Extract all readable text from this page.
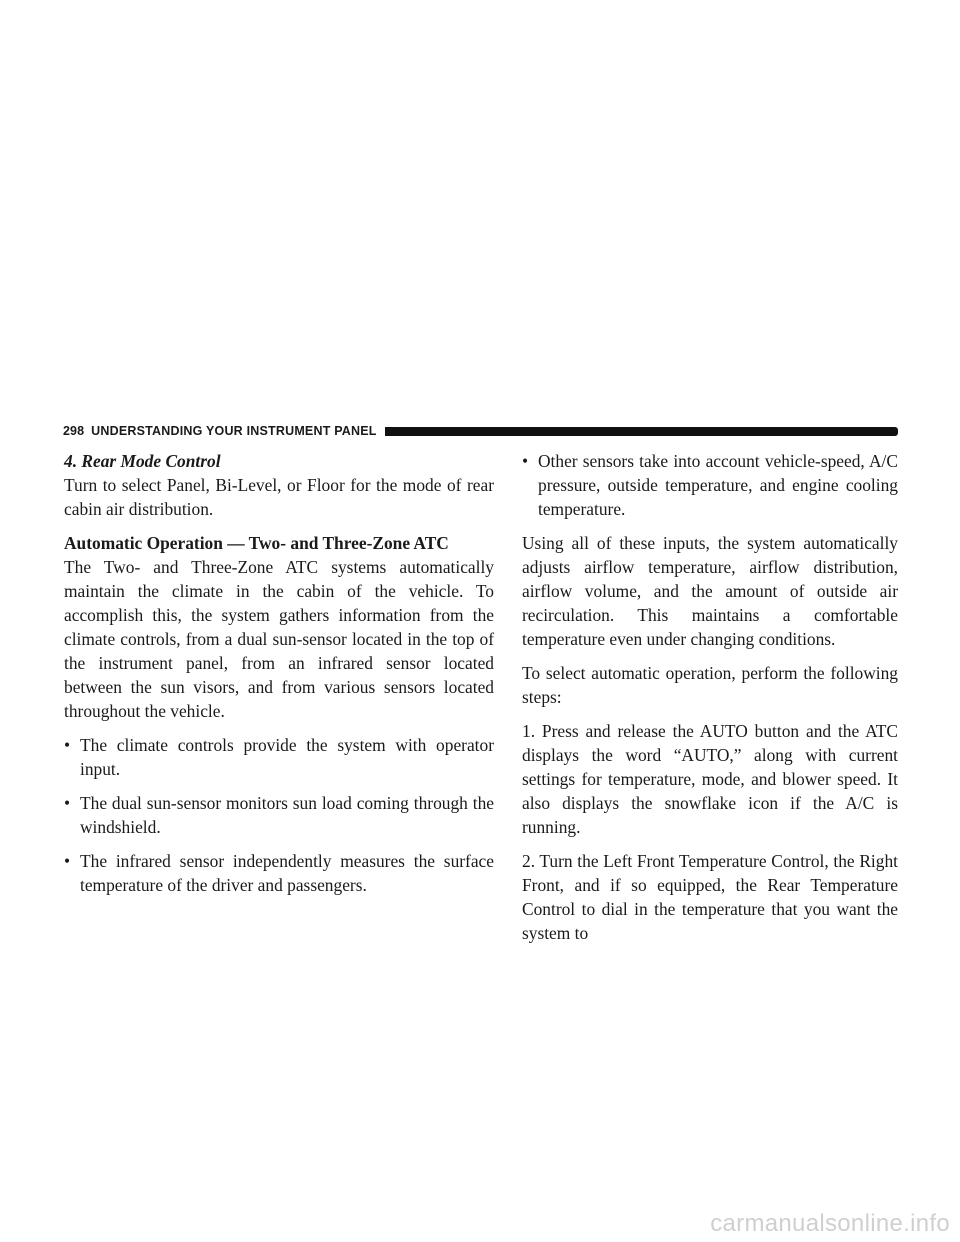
298 UNDERSTANDING YOUR INSTRUMENT PANEL
4. Rear Mode Control
Turn to select Panel, Bi-Level, or Floor for the mode of rear cabin air distribution.
Automatic Operation — Two- and Three-Zone ATC
The Two- and Three-Zone ATC systems automatically maintain the climate in the cabin of the vehicle. To accomplish this, the system gathers information from the climate controls, from a dual sun-sensor located in the top of the instrument panel, from an infrared sensor located between the sun visors, and from various sensors located throughout the vehicle.
• The climate controls provide the system with operator input.
• The dual sun-sensor monitors sun load coming through the windshield.
• The infrared sensor independently measures the surface temperature of the driver and passengers.
• Other sensors take into account vehicle-speed, A/C pressure, outside temperature, and engine cooling temperature.

Using all of these inputs, the system automatically adjusts airflow temperature, airflow distribution, airflow volume, and the amount of outside air recirculation. This maintains a comfortable temperature even under changing conditions.

To select automatic operation, perform the following steps:

1. Press and release the AUTO button and the ATC displays the word “AUTO,” along with current settings for temperature, mode, and blower speed. It also displays the snowflake icon if the A/C is running.

2. Turn the Left Front Temperature Control, the Right Front, and if so equipped, the Rear Temperature Control to dial in the temperature that you want the system to

carmanualsonline.info
